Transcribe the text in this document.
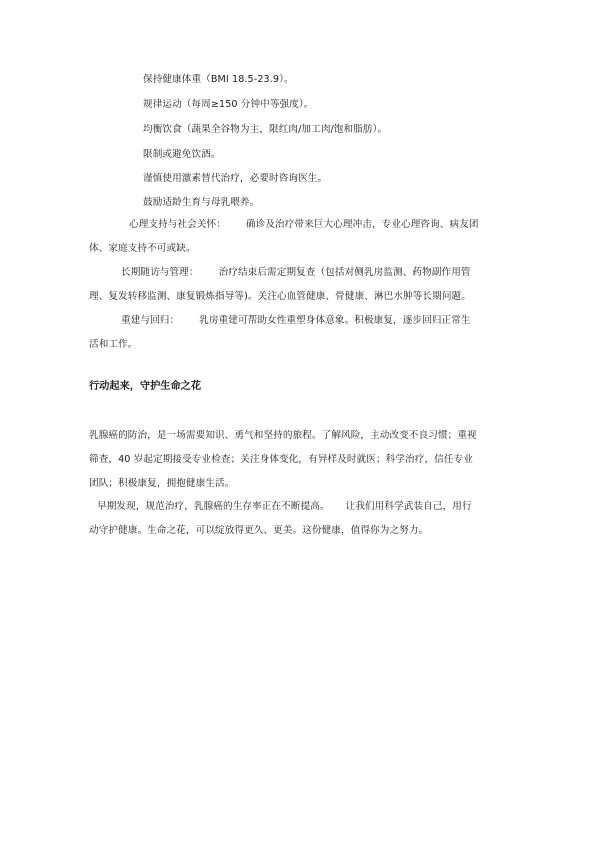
保持健康体重（BMI 18.5-23.9）。
规律运动（每周≥150 分钟中等强度）。
均衡饮食（蔬果全谷物为主，限红肉/加工肉/饱和脂肪）。
限制或避免饮酒。
谨慎使用激素替代治疗，必要时咨询医生。
鼓励适龄生育与母乳喂养。
心理支持与社会关怀： 确诊及治疗带来巨大心理冲击，专业心理咨询、病友团
体、家庭支持不可或缺。
长期随访与管理： 治疗结束后需定期复查（包括对侧乳房监测、药物副作用管
理、复发转移监测、康复锻炼指导等)。关注心血管健康、骨健康、淋巴水肿等长期问题。
重建与回归： 乳房重建可帮助女性重塑身体意象。积极康复，逐步回归正常生
活和工作。
行动起来，守护生命之花
乳腺癌的防治，是一场需要知识、勇气和坚持的旅程。了解风险，主动改变不良习惯；重视
筛查，40 岁起定期接受专业检查；关注身体变化，有异样及时就医；科学治疗，信任专业
团队；积极康复，拥抱健康生活。
早期发现，规范治疗，乳腺癌的生存率正在不断提高。 让我们用科学武装自己，用行
动守护健康。生命之花，可以绽放得更久、更美。这份健康，值得你为之努力。
